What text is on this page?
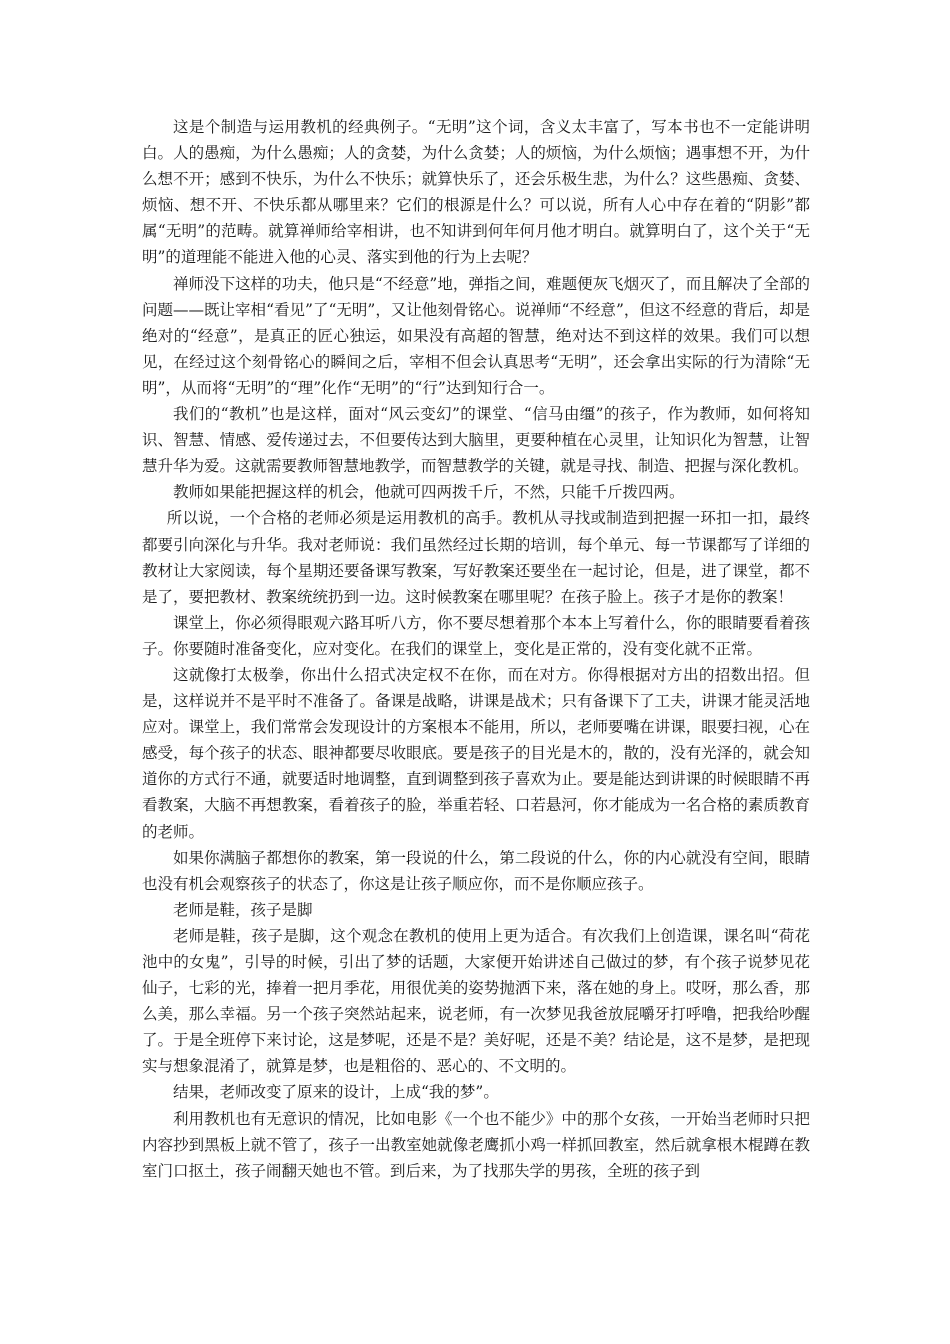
这是个制造与运用教机的经典例子。“无明”这个词，含义太丰富了，写本书也不一定能讲明白。人的愚痴，为什么愚痴；人的贪婪，为什么贪婪；人的烦恼，为什么烦恼；遇事想不开，为什么想不开；感到不快乐，为什么不快乐；就算快乐了，还会乐极生悲，为什么？这些愚痴、贪婪、烦恼、想不开、不快乐都从哪里来？它们的根源是什么？可以说，所有人心中存在着的“阴影”都属“无明”的范畴。就算禅师给宰相讲，也不知讲到何年何月他才明白。就算明白了，这个关于“无明”的道理能不能进入他的心灵、落实到他的行为上去呢？

禅师没下这样的功夫，他只是“不经意”地，弹指之间，难题便灰飞烟灭了，而且解决了全部的问题——既让宰相“看见”了“无明”，又让他刻骨铭心。说禅师“不经意”，但这不经意的背后，却是绝对的“经意”，是真正的匠心独运，如果没有高超的智慧，绝对达不到这样的效果。我们可以想见，在经过这个刻骨铭心的瞬间之后，宰相不但会认真思考“无明”，还会拿出实际的行为清除“无明”，从而将“无明”的“理”化作“无明”的“行”达到知行合一。

我们的“教机”也是这样，面对“风云变幻”的课堂、“信马由缰”的孩子，作为教师，如何将知识、智慧、情感、爱传递过去，不但要传达到大脑里，更要种植在心灵里，让知识化为智慧，让智慧升华为爱。这就需要教师智慧地教学，而智慧教学的关键，就是寻找、制造、把握与深化教机。

教师如果能把握这样的机会，他就可四两拨千斤，不然，只能千斤拨四两。

所以说，一个合格的老师必须是运用教机的高手。教机从寻找或制造到把握一环扣一扣，最终都要引向深化与升华。我对老师说：我们虽然经过长期的培训，每个单元、每一节课都写了详细的教材让大家阅读，每个星期还要备课写教案，写好教案还要坐在一起讨论，但是，进了课堂，都不是了，要把教材、教案统统扔到一边。这时候教案在哪里呢？在孩子脸上。孩子才是你的教案！

课堂上，你必须得眼观六路耳听八方，你不要尽想着那个本本上写着什么，你的眼睛要看着孩子。你要随时准备变化，应对变化。在我们的课堂上，变化是正常的，没有变化就不正常。

这就像打太极拳，你出什么招式决定权不在你，而在对方。你得根据对方出的招数出招。但是，这样说并不是平时不准备了。备课是战略，讲课是战术；只有备课下了工夫，讲课才能灵活地应对。课堂上，我们常常会发现设计的方案根本不能用，所以，老师要嘴在讲课，眼要扫视，心在感受，每个孩子的状态、眼神都要尽收眼底。要是孩子的目光是木的，散的，没有光泽的，就会知道你的方式行不通，就要适时地调整，直到调整到孩子喜欢为止。要是能达到讲课的时候眼睛不再看教案，大脑不再想教案，看着孩子的脸，举重若轻、口若悬河，你才能成为一名合格的素质教育的老师。

如果你满脑子都想你的教案，第一段说的什么，第二段说的什么，你的内心就没有空间，眼睛也没有机会观察孩子的状态了，你这是让孩子顺应你，而不是你顺应孩子。

老师是鞋，孩子是脚

老师是鞋，孩子是脚，这个观念在教机的使用上更为适合。有次我们上创造课，课名叫“荷花池中的女鬼”，引导的时候，引出了梦的话题，大家便开始讲述自己做过的梦，有个孩子说梦见花仙子，七彩的光，捧着一把月季花，用很优美的姿势抛洒下来，落在她的身上。哎呀，那么香，那么美，那么幸福。另一个孩子突然站起来，说老师，有一次梦见我爸放屁嚼牙打呼噜，把我给吵醒了。于是全班停下来讨论，这是梦呢，还是不是？美好呢，还是不美？结论是，这不是梦，是把现实与想象混淆了，就算是梦，也是粗俗的、恶心的、不文明的。

结果，老师改变了原来的设计，上成“我的梦”。

利用教机也有无意识的情况，比如电影《一个也不能少》中的那个女孩，一开始当老师时只把内容抄到黑板上就不管了，孩子一出教室她就像老鹰抓小鸡一样抓回教室，然后就拿根木棍蹲在教室门口抠土，孩子闹翻天她也不管。到后来，为了找那失学的男孩，全班的孩子到
